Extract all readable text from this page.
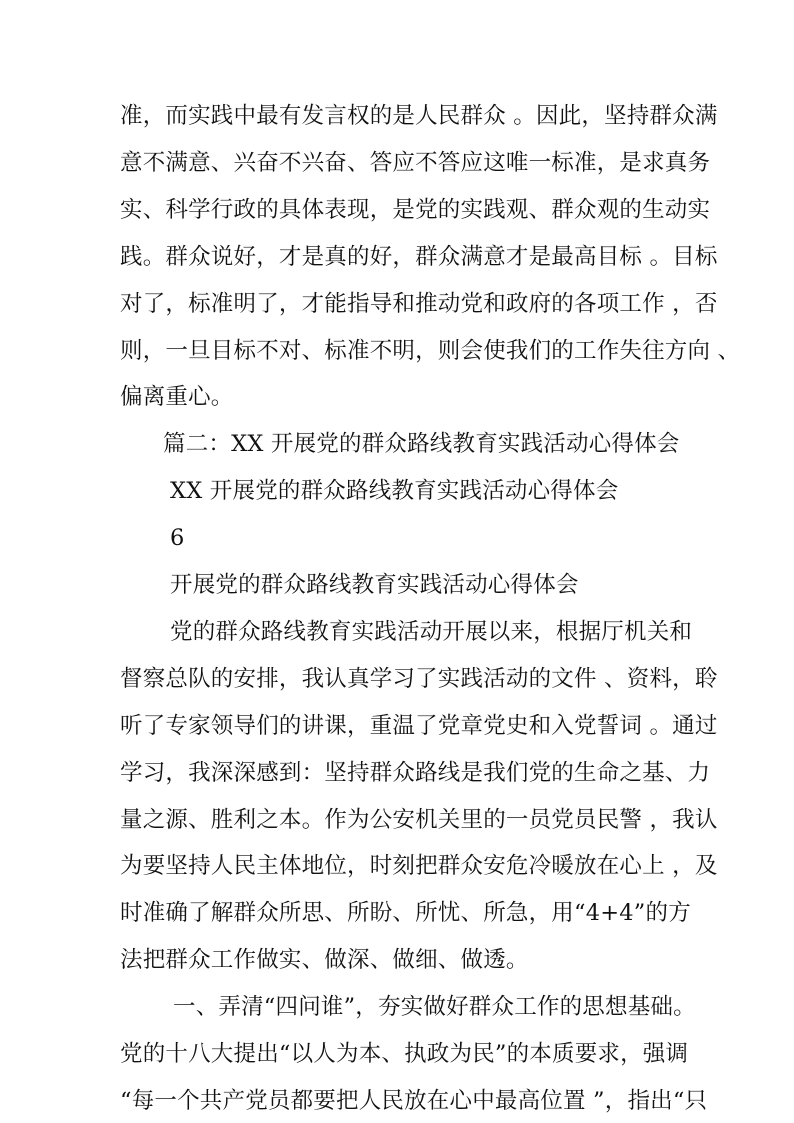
准，而实践中最有发言权的是人民群众 。因此，坚持群众满
意不满意、兴奋不兴奋、答应不答应这唯一标准，是求真务
实、科学行政的具体表现，是党的实践观、群众观的生动实
践。群众说好，才是真的好，群众满意才是最高目标 。目标
对了，标准明了，才能指导和推动党和政府的各项工作 ，否
则，一旦目标不对、标准不明，则会使我们的工作失往方向 、
偏离重心。
篇二：XX 开展党的群众路线教育实践活动心得体会
XX 开展党的群众路线教育实践活动心得体会
6
开展党的群众路线教育实践活动心得体会
党的群众路线教育实践活动开展以来，根据厅机关和
督察总队的安排，我认真学习了实践活动的文件 、资料，聆
听了专家领导们的讲课，重温了党章党史和入党誓词 。通过
学习，我深深感到：坚持群众路线是我们党的生命之基、力
量之源、胜利之本。作为公安机关里的一员党员民警 ，我认
为要坚持人民主体地位，时刻把群众安危冷暖放在心上 ，及
时准确了解群众所思、所盼、所忧、所急，用“4+4”的方
法把群众工作做实、做深、做细、做透。
一、弄清“四问谁”，夯实做好群众工作的思想基础。
党的十八大提出“以人为本、执政为民”的本质要求，强调
“每一个共产党员都要把人民放在心中最高位置 ”，指出“只
